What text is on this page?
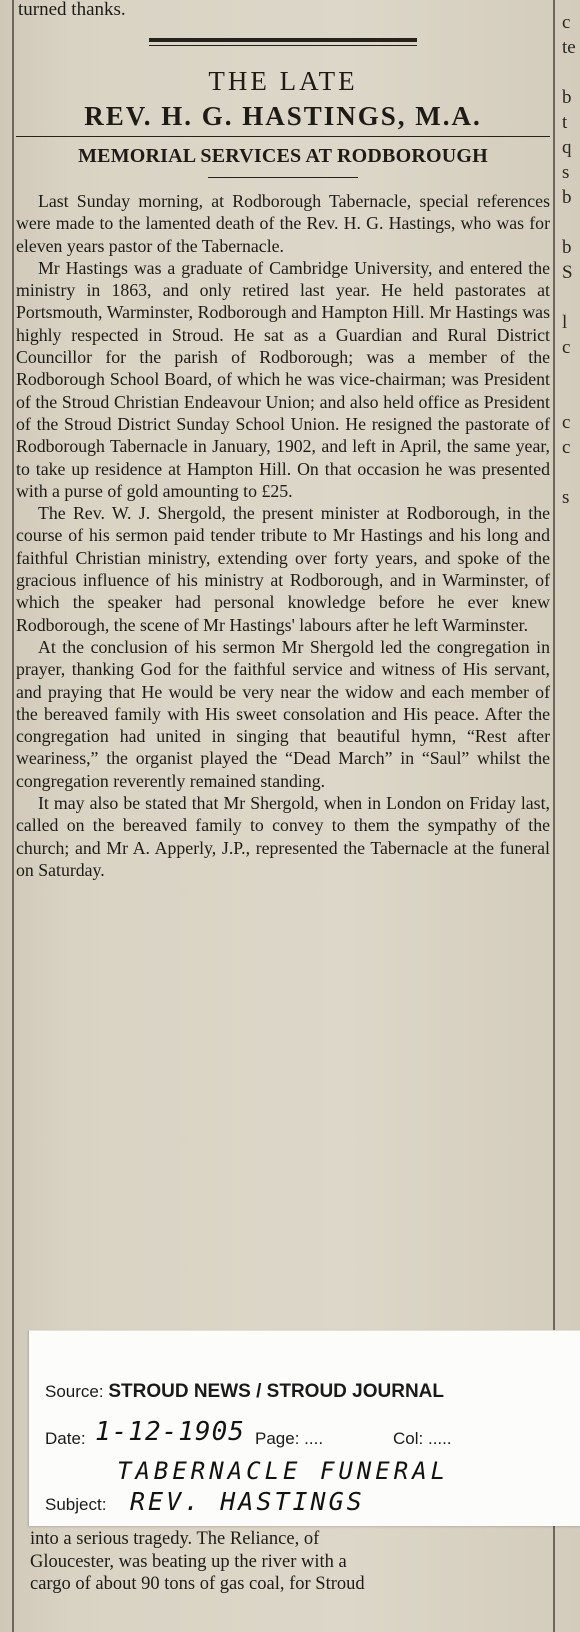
c
te

b
t
q
s
b

b
S

l
c

c
c

s

turned thanks.

THE LATE
REV. H. G. HASTINGS, M.A.
MEMORIAL SERVICES AT RODBOROUGH

Last Sunday morning, at Rodborough Tabernacle, special references were made to the lamented death of the Rev. H. G. Hastings, who was for eleven years pastor of the Tabernacle.

Mr Hastings was a graduate of Cambridge University, and entered the ministry in 1863, and only retired last year. He held pastorates at Portsmouth, Warminster, Rodborough and Hampton Hill. Mr Hastings was highly respected in Stroud. He sat as a Guardian and Rural District Councillor for the parish of Rodborough; was a member of the Rodborough School Board, of which he was vice-chairman; was President of the Stroud Christian Endeavour Union; and also held office as President of the Stroud District Sunday School Union. He resigned the pastorate of Rodborough Tabernacle in January, 1902, and left in April, the same year, to take up residence at Hampton Hill. On that occasion he was presented with a purse of gold amounting to £25.

The Rev. W. J. Shergold, the present minister at Rodborough, in the course of his sermon paid tender tribute to Mr Hastings and his long and faithful Christian ministry, extending over forty years, and spoke of the gracious influence of his ministry at Rodborough, and in Warminster, of which the speaker had personal knowledge before he ever knew Rodborough, the scene of Mr Hastings' labours after he left Warminster.

At the conclusion of his sermon Mr Shergold led the congregation in prayer, thanking God for the faithful service and witness of His servant, and praying that He would be very near the widow and each member of the bereaved family with His sweet consolation and His peace. After the congregation had united in singing that beautiful hymn, “Rest after weariness,” the organist played the “Dead March” in “Saul” whilst the congregation reverently remained standing.

It may also be stated that Mr Shergold, when in London on Friday last, called on the bereaved family to convey to them the sympathy of the church; and Mr A. Apperly, J.P., represented the Tabernacle at the funeral on Saturday.

Source: STROUD NEWS / STROUD JOURNAL
Date: 1-12-1905 Page: ....	Col: .....
TABERNACLE FUNERAL
Subject: REV. HASTINGS
into a serious tragedy. The Reliance, of
Gloucester, was beating up the river with a
cargo of about 90 tons of gas coal, for Stroud
